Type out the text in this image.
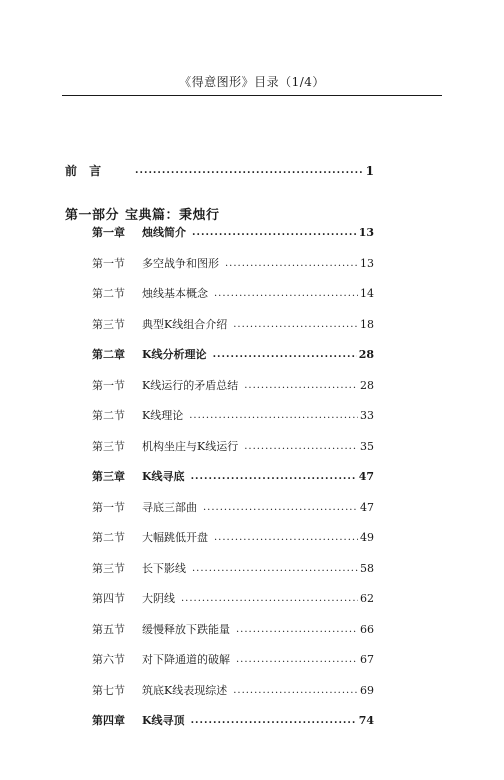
《得意图形》目录（1/4）
前 言 .....	1
第一部分 宝典篇：秉烛行
第一章	烛线简介 .....	13
第一节	多空战争和图形 .....	13
第二节	烛线基本概念 .....	14
第三节	典型K线组合介绍 .....	18
第二章	K线分析理论 .....	28
第一节	K线运行的矛盾总结 .....	28
第二节	K线理论 .....	33
第三节	机构坐庄与K线运行 .....	35
第三章	K线寻底 .....	47
第一节	寻底三部曲 .....	47
第二节	大幅跳低开盘 .....	49
第三节	长下影线 .....	58
第四节	大阴线 .....	62
第五节	缓慢释放下跌能量 .....	66
第六节	对下降通道的破解 .....	67
第七节	筑底K线表现综述 .....	69
第四章	K线寻顶 .....	74
